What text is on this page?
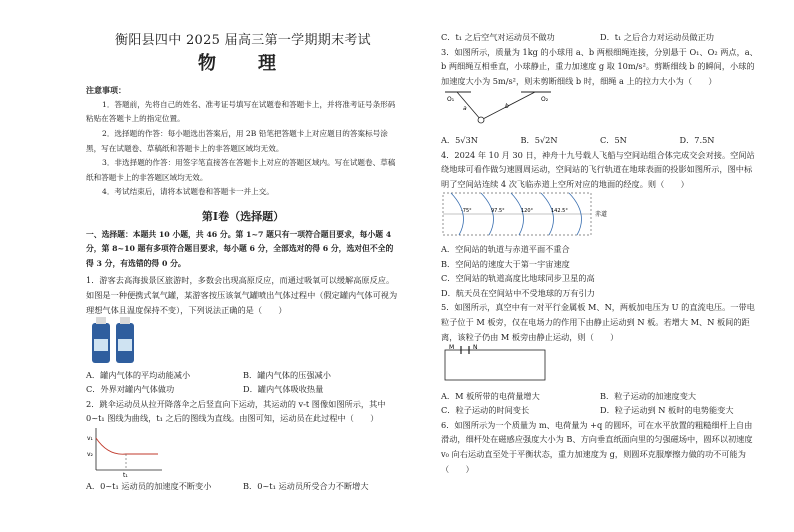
衡阳县四中 2025 届高三第一学期期末考试
物　理
注意事项：

1．答题前，先将自己的姓名、准考证号填写在试题卷和答题卡上，并将准考证号条形码粘贴在答题卡上的指定位置。

2．选择题的作答：每小题选出答案后，用 2B 铅笔把答题卡上对应题目的答案标号涂黑，写在试题卷、草稿纸和答题卡上的非答题区域均无效。

3．非选择题的作答：用签字笔直接答在答题卡上对应的答题区域内。写在试题卷、草稿纸和答题卡上的非答题区域均无效。

4．考试结束后，请将本试题卷和答题卡一并上交。

第Ⅰ卷（选择题）
一、选择题：本题共 10 小题，共 46 分。第 1~7 题只有一项符合题目要求，每小题 4 分，第 8~10 题有多项符合题目要求，每小题 6 分，全部选对的得 6 分，选对但不全的得 3 分，有选错的得 0 分。
1．游客去高海拔景区旅游时，多数会出现高原反应，而通过吸氧可以缓解高原反应。如图是一种便携式氧气罐，某游客按压该氧气罐喷出气体过程中（假定罐内气体可视为理想气体且温度保持不变），下列说法正确的是（　　）
A．罐内气体的平均动能减小	B．罐内气体的压强减小
C．外界对罐内气体做功	D．罐内气体吸收热量
2．跳伞运动员从拉开降落伞之后竖直向下运动，其运动的 v-t 图像如图所示，其中 0~t₁ 图线为曲线，t₁ 之后的图线为直线。由图可知，运动员在此过程中（　　）
v₁
v₂
t₁
A．0~t₁ 运动员的加速度不断变小	B．0~t₁ 运动员所受合力不断增大
C．t₁ 之后空气对运动员不做功	D．t₁ 之后合力对运动员做正功
3．如图所示，质量为 1kg 的小球用 a、b 两根细绳连接，分别悬于 O₁、O₂ 两点，a、b 两细绳互相垂直，小球静止，重力加速度 g 取 10m/s²。剪断细线 b 的瞬间，小球的加速度大小为 5m/s²，则未剪断细线 b 时，细绳 a 上的拉力大小为（　　）
O₁	O₂
a	b
A．5√3N	B．5√2N	C．5N	D．7.5N
4．2024 年 10 月 30 日，神舟十九号载人飞船与空间站组合体完成交会对接。空间站绕地球可看作做匀速圆周运动，空间站的飞行轨道在地球表面的投影如图所示，图中标明了空间站连续 4 次飞临赤道上空所对应的地面的经度。则（　　）
-75°	97.5°	120°	142.5°	赤道
A．空间站的轨道与赤道平面不重合
B．空间站的速度大于第一宇宙速度
C．空间站的轨道高度比地球同步卫星的高
D．航天员在空间站中不受地球的万有引力
5．如图所示，真空中有一对平行金属板 M、N，两板加电压为 U 的直流电压。一带电粒子位于 M 板旁，仅在电场力的作用下由静止运动到 N 板。若增大 M、N 板间的距离，该粒子仍由 M 板旁由静止运动，则（　　）
M	N
A．M 板所带的电荷量增大	B．粒子运动的加速度变大
C．粒子运动的时间变长	D．粒子运动到 N 板时的电势能变大
6．如图所示为一个质量为 m、电荷量为 +q 的圆环，可在水平放置的粗糙细杆上自由滑动，细杆处在磁感应强度大小为 B、方向垂直纸面向里的匀强磁场中，圆环以初速度 v₀ 向右运动直至处于平衡状态，重力加速度为 g，则圆环克服摩擦力做的功不可能为（　　）
